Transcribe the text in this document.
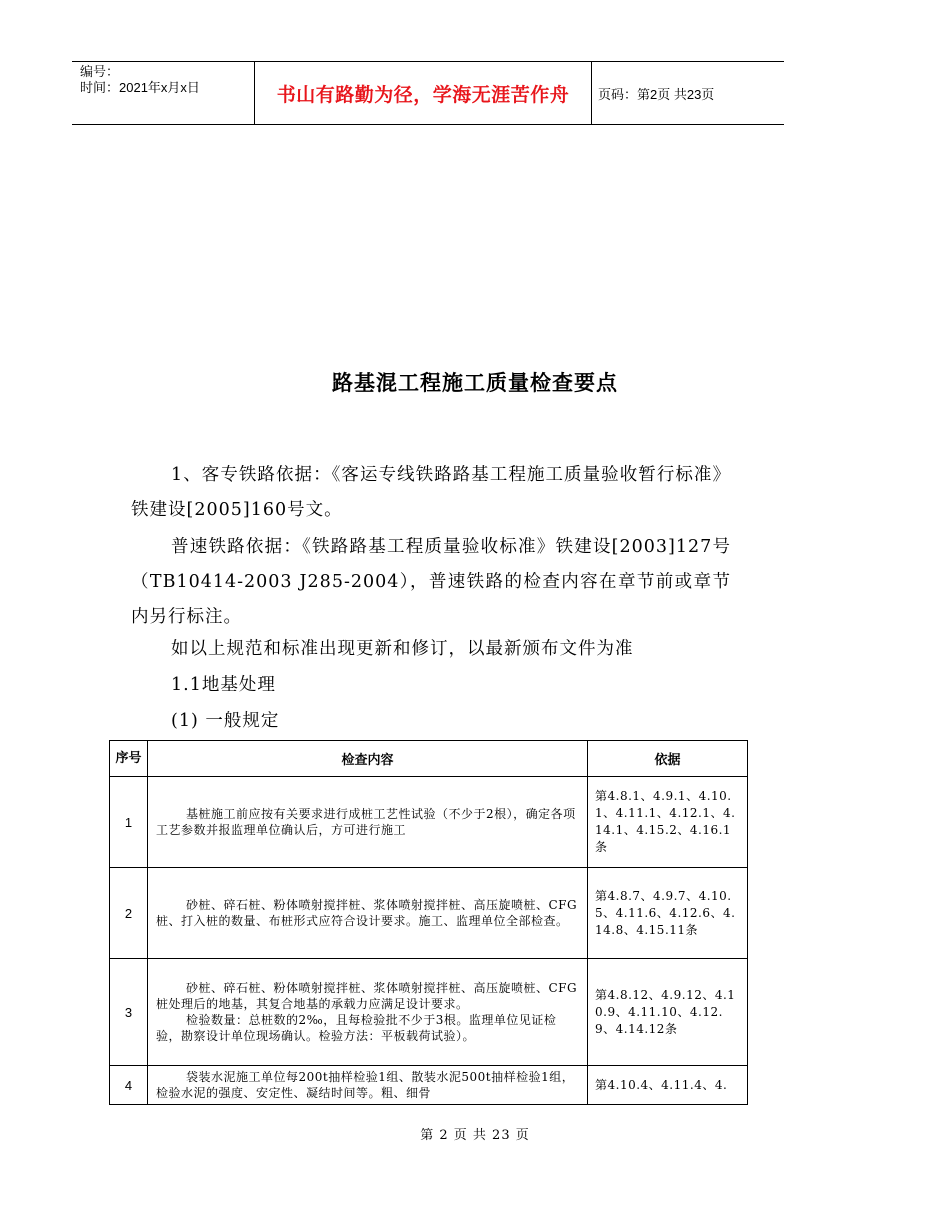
编号：
时间：2021年x月x日	书山有路勤为径，学海无涯苦作舟	页码：第2页 共23页
路基混工程施工质量检查要点

1、客专铁路依据：《客运专线铁路路基工程施工质量验收暂行标准》铁建设[2005]160号文。

普速铁路依据：《铁路路基工程质量验收标准》铁建设[2003]127号（TB10414-2003 J285-2004），普速铁路的检查内容在章节前或章节内另行标注。

如以上规范和标准出现更新和修订，以最新颁布文件为准

1.1地基处理

(1) 一般规定

序号	检查内容	依据
1	基桩施工前应按有关要求进行成桩工艺性试验（不少于2根），确定各项工艺参数并报监理单位确认后，方可进行施工	第4.8.1、4.9.1、4.10.1、4.11.1、4.12.1、4.14.1、4.15.2、4.16.1条
2	砂桩、碎石桩、粉体喷射搅拌桩、浆体喷射搅拌桩、高压旋喷桩、CFG桩、打入桩的数量、布桩形式应符合设计要求。施工、监理单位全部检查。	第4.8.7、4.9.7、4.10.5、4.11.6、4.12.6、4.14.8、4.15.11条
3	砂桩、碎石桩、粉体喷射搅拌桩、浆体喷射搅拌桩、高压旋喷桩、CFG桩处理后的地基，其复合地基的承载力应满足设计要求。
检验数量：总桩数的2‰，且每检验批不少于3根。监理单位见证检验，勘察设计单位现场确认。检验方法：平板载荷试验）。	第4.8.12、4.9.12、4.10.9、4.11.10、4.12.9、4.14.12条
4	袋装水泥施工单位每200t抽样检验1组、散装水泥500t抽样检验1组，检验水泥的强度、安定性、凝结时间等。粗、细骨	第4.10.4、4.11.4、4.
第 2 页 共 23 页
